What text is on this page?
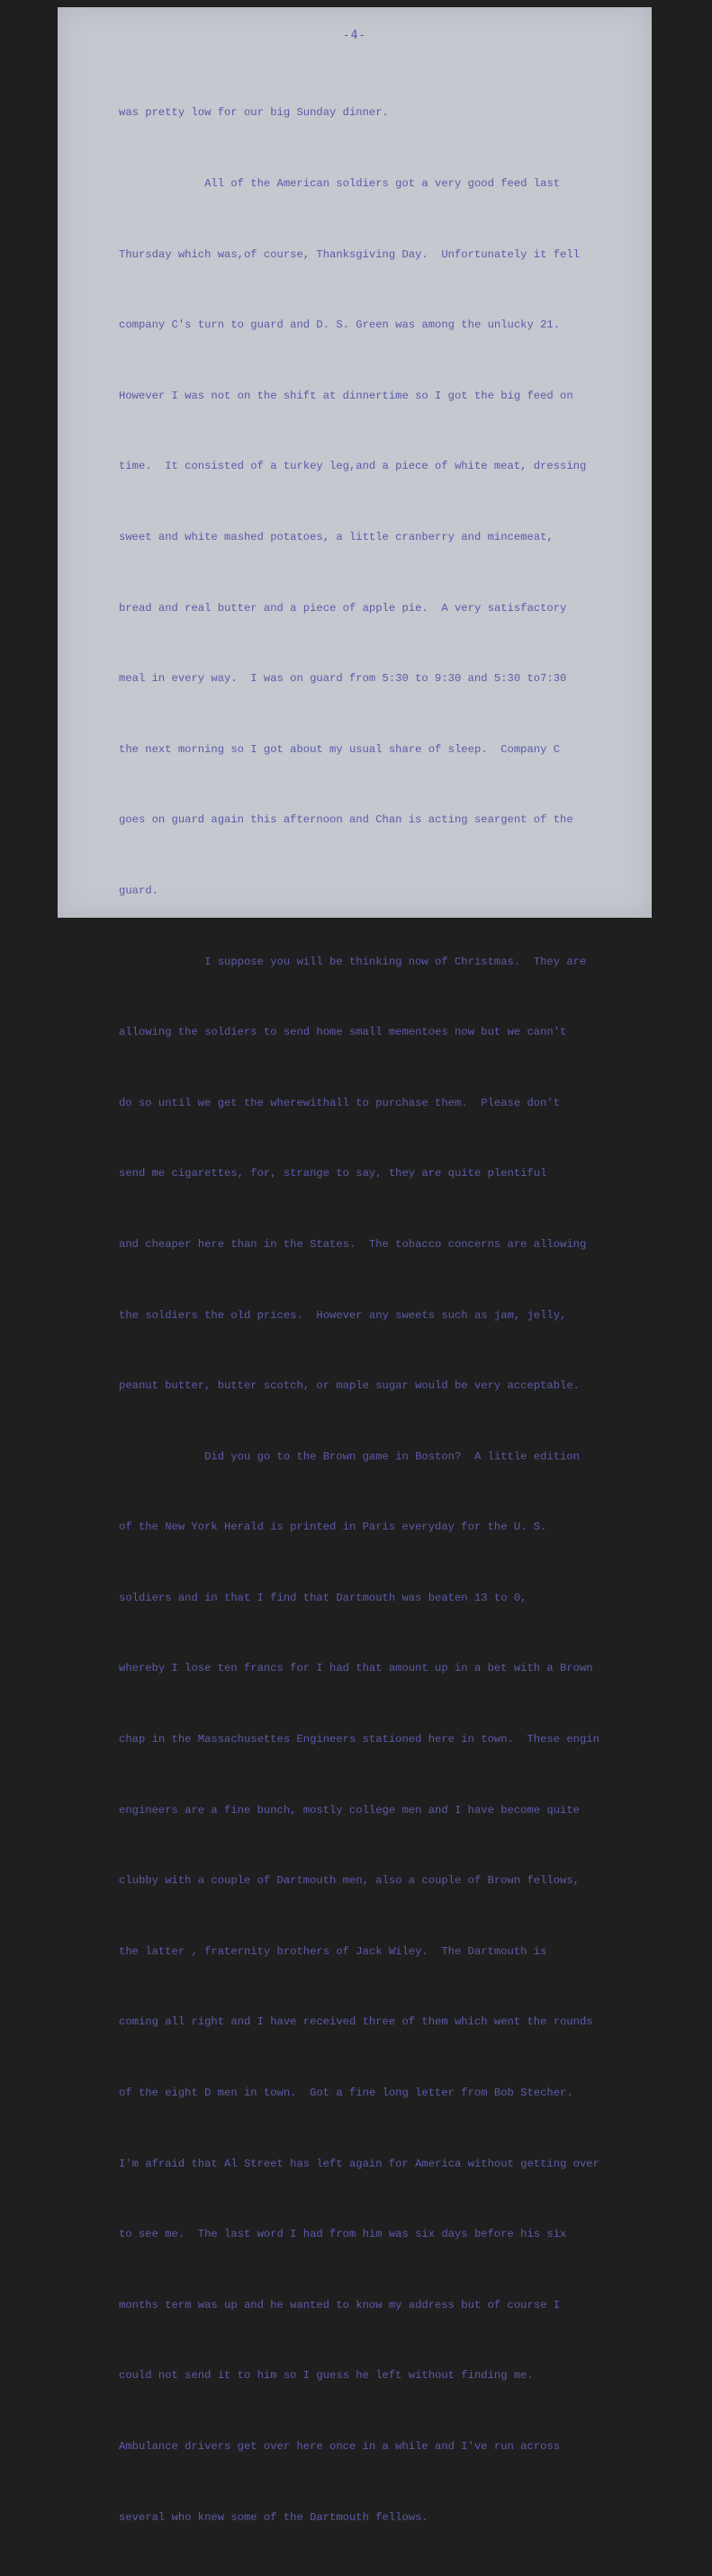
-4-

was pretty low for our big Sunday dinner.

All of the American soldiers got a very good feed last

Thursday which was,of course, Thanksgiving Day.  Unfortunately it fell

company C's turn to guard and D. S. Green was among the unlucky 21.

However I was not on the shift at dinnertime so I got the big feed on

time.  It consisted of a turkey leg,and a piece of white meat, dressing

sweet and white mashed potatoes, a little cranberry and mincemeat,

bread and real butter and a piece of apple pie.  A very satisfactory

meal in every way.  I was on guard from 5:30 to 9:30 and 5:30 to7:30

the next morning so I got about my usual share of sleep.  Company C

goes on guard again this afternoon and Chan is acting seargent of the

guard.

I suppose you will be thinking now of Christmas.  They are

allowing the soldiers to send home small mementoes now but we cann't

do so until we get the wherewithall to purchase them.  Please don't

send me cigarettes, for, strange to say, they are quite plentiful

and cheaper here than in the States.  The tobacco concerns are allowing

the soldiers the old prices.  However any sweets such as jam, jelly,

peanut butter, butter scotch, or maple sugar would be very acceptable.

Did you go to the Brown game in Boston?  A little edition

of the New York Herald is printed in Paris everyday for the U. S.

soldiers and in that I find that Dartmouth was beaten 13 to 0,

whereby I lose ten francs for I had that amount up in a bet with a Brown

chap in the Massachusettes Engineers stationed here in town.  These engin

engineers are a fine bunch, mostly college men and I have become quite

clubby with a couple of Dartmouth men, also a couple of Brown fellows,

the latter , fraternity brothers of Jack Wiley.  The Dartmouth is

coming all right and I have received three of them which went the rounds

of the eight D men in town.  Got a fine long letter from Bob Stecher.

I'm afraid that Al Street has left again for America without getting over

to see me.  The last word I had from him was six days before his six

months term was up and he wanted to know my address but of course I

could not send it to him so I guess he left without finding me.

Ambulance drivers get over here once in a while and I've run across

several who knew some of the Dartmouth fellows.
